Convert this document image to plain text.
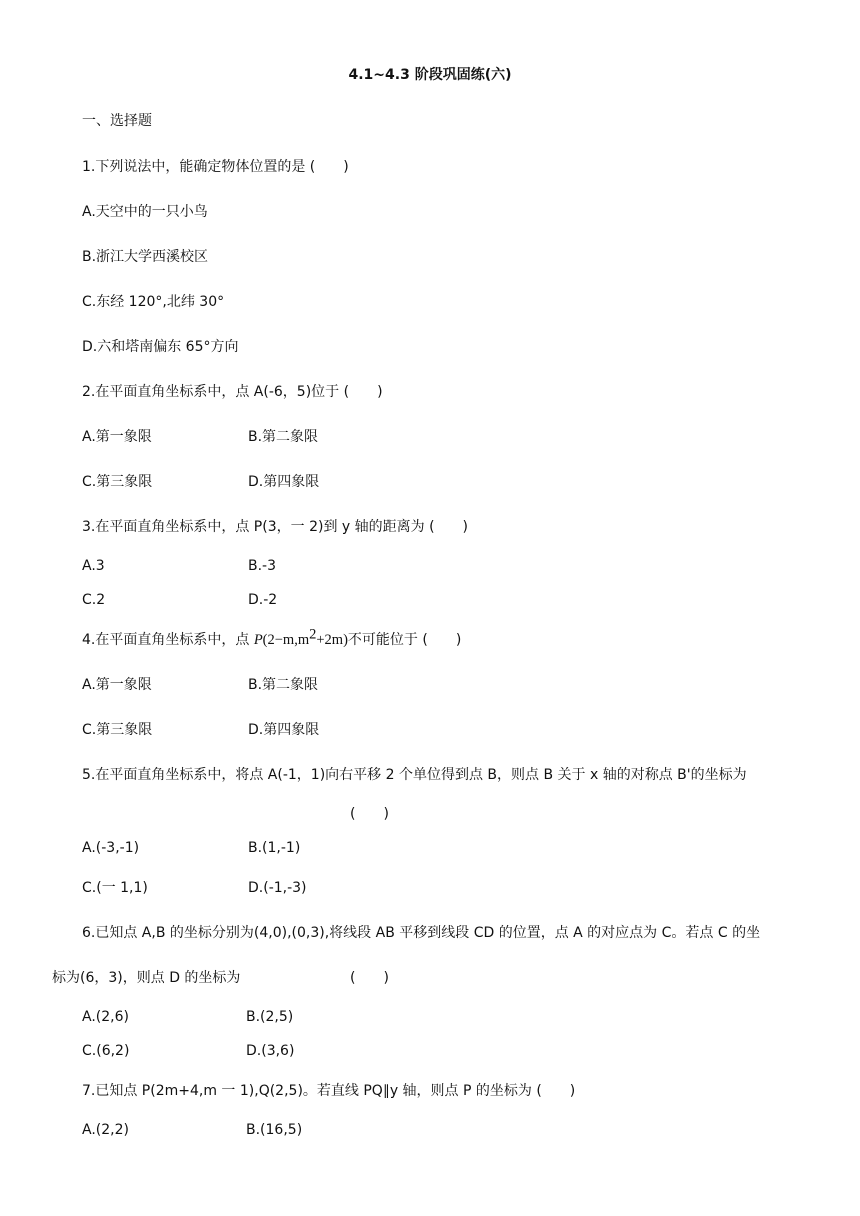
4.1~4.3 阶段巩固练(六)
一、选择题
1.下列说法中，能确定物体位置的是 (　　)
A.天空中的一只小鸟
B.浙江大学西溪校区
C.东经 120°,北纬 30°
D.六和塔南偏东 65°方向
2.在平面直角坐标系中，点 A(-6，5)位于 (　　)
A.第一象限	B.第二象限
C.第三象限	D.第四象限
3.在平面直角坐标系中，点 P(3，一 2)到 y 轴的距离为 (　　)
A.3	B.-3
C.2	D.-2
4.在平面直角坐标系中，点 $P(2-m,m^2+2m)$不可能位于 (　　)
A.第一象限	B.第二象限
C.第三象限	D.第四象限
5.在平面直角坐标系中，将点 A(-1，1)向右平移 2 个单位得到点 B，则点 B 关于 x 轴的对称点 B'的坐标为
(　　)
A.(-3,-1)	B.(1,-1)
C.(一 1,1)	D.(-1,-3)
6.已知点 A,B 的坐标分别为(4,0),(0,3),将线段 AB 平移到线段 CD 的位置，点 A 的对应点为 C。若点 C 的坐
标为(6，3)，则点 D 的坐标为	(　　)
A.(2,6)	B.(2,5)
C.(6,2)	D.(3,6)
7.已知点 P(2m+4,m 一 1),Q(2,5)。若直线 PQ∥y 轴，则点 P 的坐标为 (　　)
A.(2,2)	B.(16,5)
